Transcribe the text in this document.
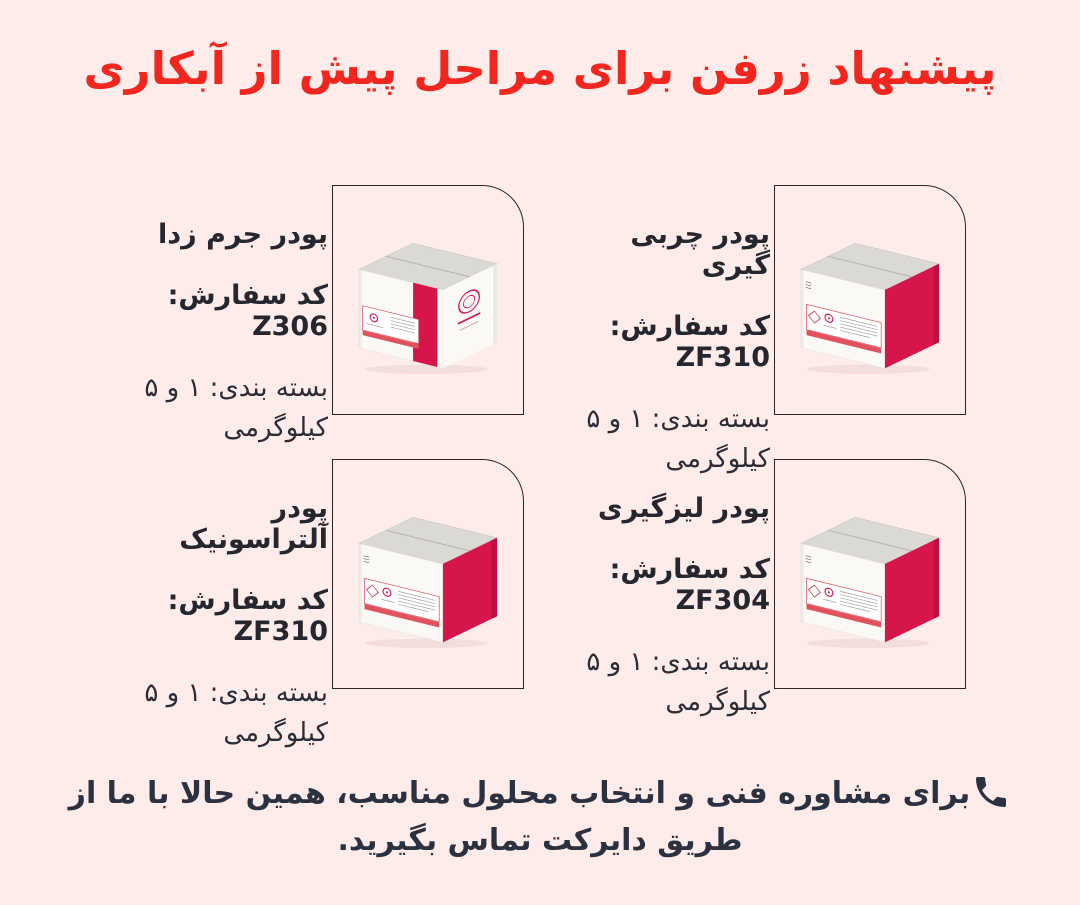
پیشنهاد زرفن برای مراحل پیش از آبکاری
پودر جرم زدا

کد سفارش: Z306

بسته بندی: ۱ و ۵
کیلوگرمی

پودر چربی گیری

کد سفارش: ZF310

بسته بندی: ۱ و ۵
کیلوگرمی

پودر آلتراسونیک

کد سفارش: ZF310

بسته بندی: ۱ و ۵
کیلوگرمی

پودر لیزگیری

کد سفارش: ZF304

بسته بندی: ۱ و ۵
کیلوگرمی

برای مشاوره فنی و انتخاب محلول مناسب، همین حالا با ما از
طریق دایرکت تماس بگیرید.
